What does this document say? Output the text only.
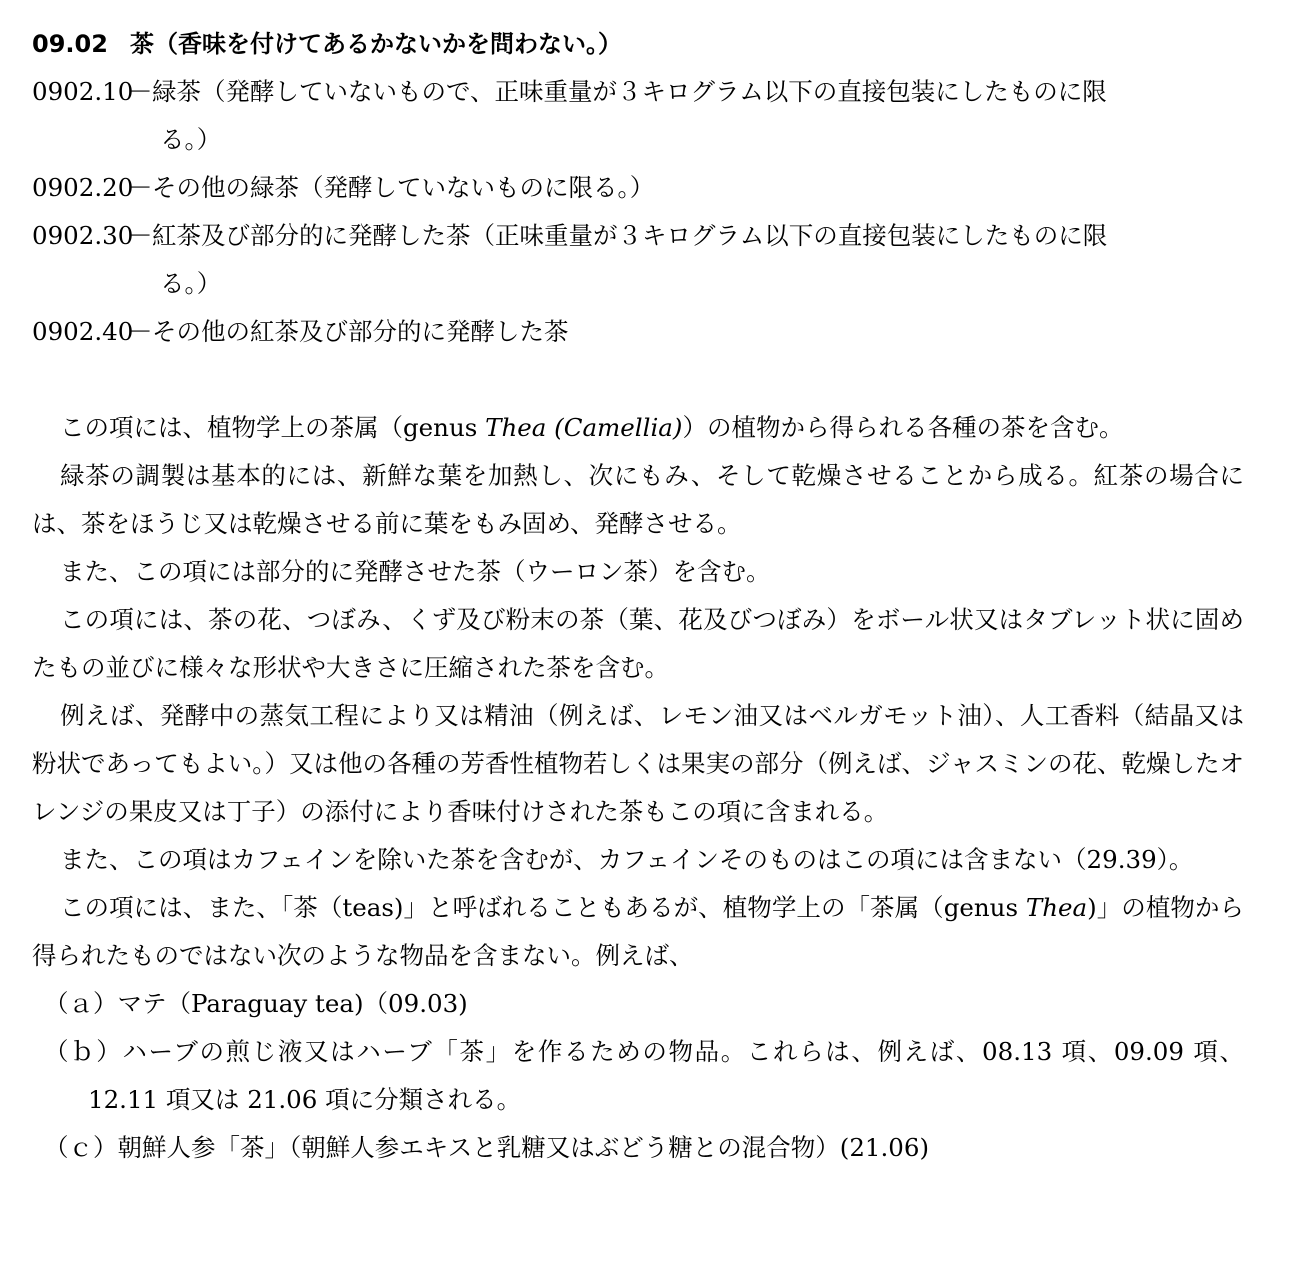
09.02 茶（香味を付けてあるかないかを問わない。）
0902.10
－ 緑茶（発酵していないもので、正味重量が３キログラム以下の直接包装にしたものに限
る。）
0902.20
－ その他の緑茶（発酵していないものに限る。）
0902.30
－ 紅茶及び部分的に発酵した茶（正味重量が３キログラム以下の直接包装にしたものに限
る。）
0902.40
－ その他の紅茶及び部分的に発酵した茶
この項には、植物学上の茶属（genus Thea (Camellia)）の植物から得られる各種の茶を含む。
緑茶の調製は基本的には、新鮮な葉を加熱し、次にもみ、そして乾燥させることから成る。紅茶の場合には、茶をほうじ又は乾燥させる前に葉をもみ固め、発酵させる。
また、この項には部分的に発酵させた茶（ウーロン茶）を含む。
この項には、茶の花、つぼみ、くず及び粉末の茶（葉、花及びつぼみ）をボール状又はタブレット状に固めたもの並びに様々な形状や大きさに圧縮された茶を含む。
例えば、発酵中の蒸気工程により又は精油（例えば、レモン油又はベルガモット油）、人工香料（結晶又は粉状であってもよい。）又は他の各種の芳香性植物若しくは果実の部分（例えば、ジャスミンの花、乾燥したオレンジの果皮又は丁子）の添付により香味付けされた茶もこの項に含まれる。
また、この項はカフェインを除いた茶を含むが、カフェインそのものはこの項には含まない（29.39）。
この項には、また、「茶（teas)」と呼ばれることもあるが、植物学上の「茶属（genus Thea)」の植物から得られたものではない次のような物品を含まない。例えば、
（ａ）マテ（Paraguay tea)（09.03)
（ｂ）ハーブの煎じ液又はハーブ「茶」を作るための物品。これらは、例えば、08.13 項、09.09 項、12.11 項又は 21.06 項に分類される。
（ｃ）朝鮮人参「茶」（朝鮮人参エキスと乳糖又はぶどう糖との混合物）(21.06)
